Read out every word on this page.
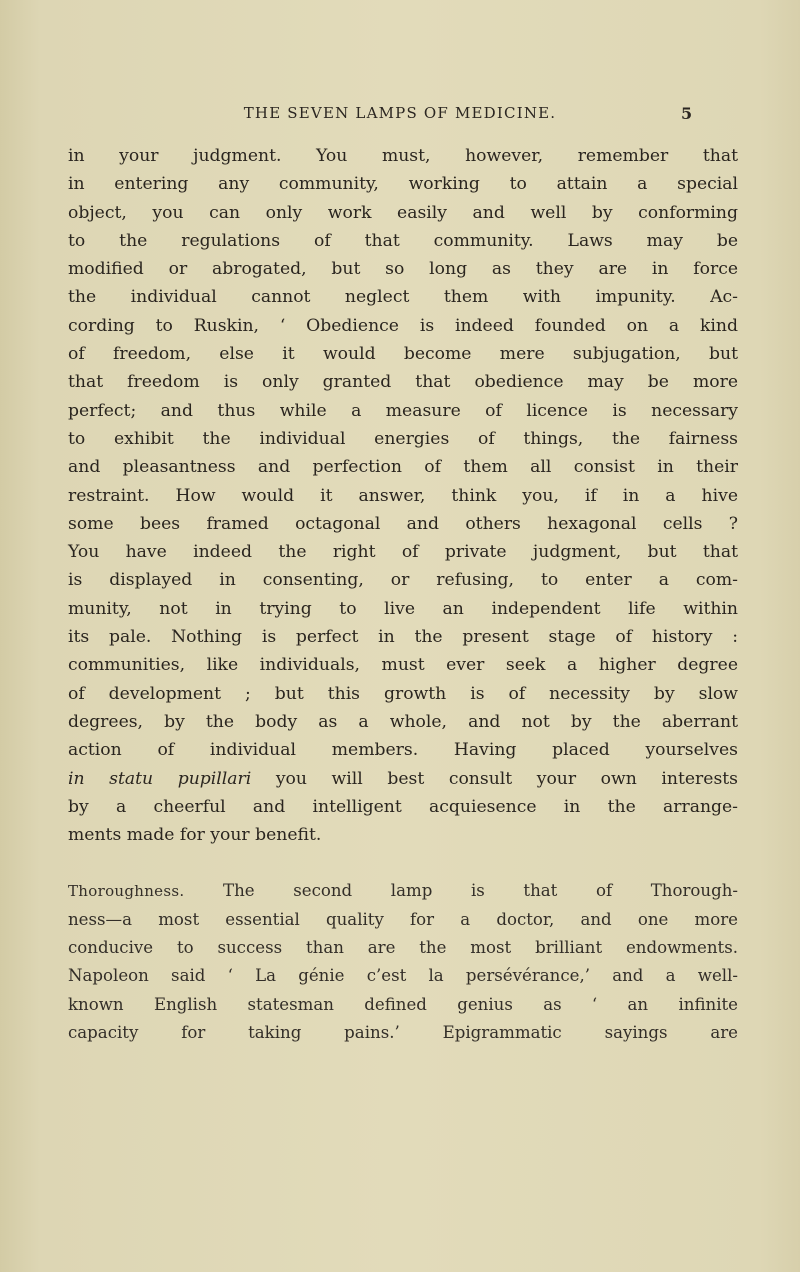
THE SEVEN LAMPS OF MEDICINE.	5

in your judgment. You must, however, remember that
in entering any community, working to attain a special
object, you can only work easily and well by conforming
to the regulations of that community. Laws may be
modified or abrogated, but so long as they are in force
the individual cannot neglect them with impunity. Ac-
cording to Ruskin, ‘ Obedience is indeed founded on a kind
of freedom, else it would become mere subjugation, but
that freedom is only granted that obedience may be more
perfect; and thus while a measure of licence is necessary
to exhibit the individual energies of things, the fairness
and pleasantness and perfection of them all consist in their
restraint. How would it answer, think you, if in a hive
some bees framed octagonal and others hexagonal cells ?
You have indeed the right of private judgment, but that
is displayed in consenting, or refusing, to enter a com-
munity, not in trying to live an independent life within
its pale. Nothing is perfect in the present stage of history :
communities, like individuals, must ever seek a higher degree
of development ; but this growth is of necessity by slow
degrees, by the body as a whole, and not by the aberrant
action of individual members. Having placed yourselves
in statu pupillari you will best consult your own interests
by a cheerful and intelligent acquiesence in the arrange-
ments made for your benefit.

Thoroughness. The second lamp is that of Thorough-
ness—a most essential quality for a doctor, and one more
conducive to success than are the most brilliant endowments.
Napoleon said ‘ La génie c’est la persévérance,’ and a well-
known English statesman defined genius as ‘ an infinite
capacity for taking pains.’ Epigrammatic sayings are
